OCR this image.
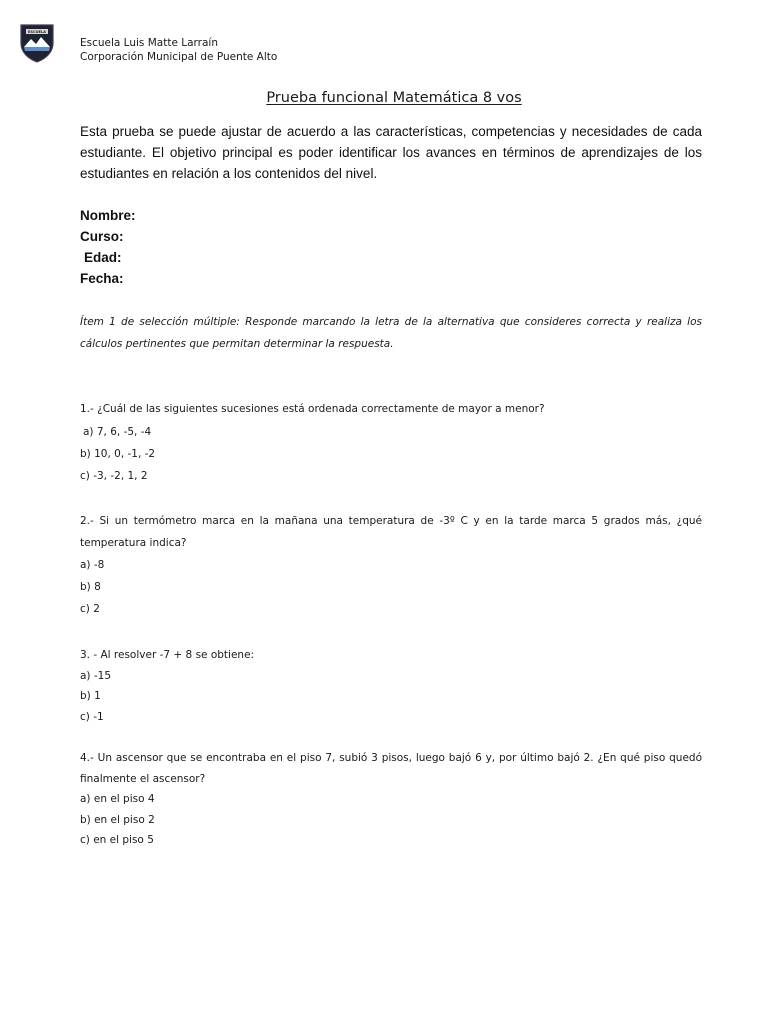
ESCUELA
Escuela Luis Matte Larraín
Corporación Municipal de Puente Alto
Prueba funcional Matemática 8 vos
Esta prueba se puede ajustar de acuerdo a las características, competencias y necesidades de cada estudiante. El objetivo principal es poder identificar los avances en términos de aprendizajes de los estudiantes en relación a los contenidos del nivel.
Nombre:
Curso:
Edad:
Fecha:
Ítem 1 de selección múltiple: Responde marcando la letra de la alternativa que consideres correcta y realiza los cálculos pertinentes que permitan determinar la respuesta.
1.- ¿Cuál de las siguientes sucesiones está ordenada correctamente de mayor a menor?
a) 7, 6, -5, -4
b) 10, 0, -1, -2
c) -3, -2, 1, 2
2.- Si un termómetro marca en la mañana una temperatura de -3º C y en la tarde marca 5 grados más, ¿qué temperatura indica?
a) -8
b) 8
c) 2
3. - Al resolver -7 + 8 se obtiene:
a) -15
b) 1
c) -1
4.- Un ascensor que se encontraba en el piso 7, subió 3 pisos, luego bajó 6 y, por último bajó 2. ¿En qué piso quedó finalmente el ascensor?
a) en el piso 4
b) en el piso 2
c) en el piso 5
